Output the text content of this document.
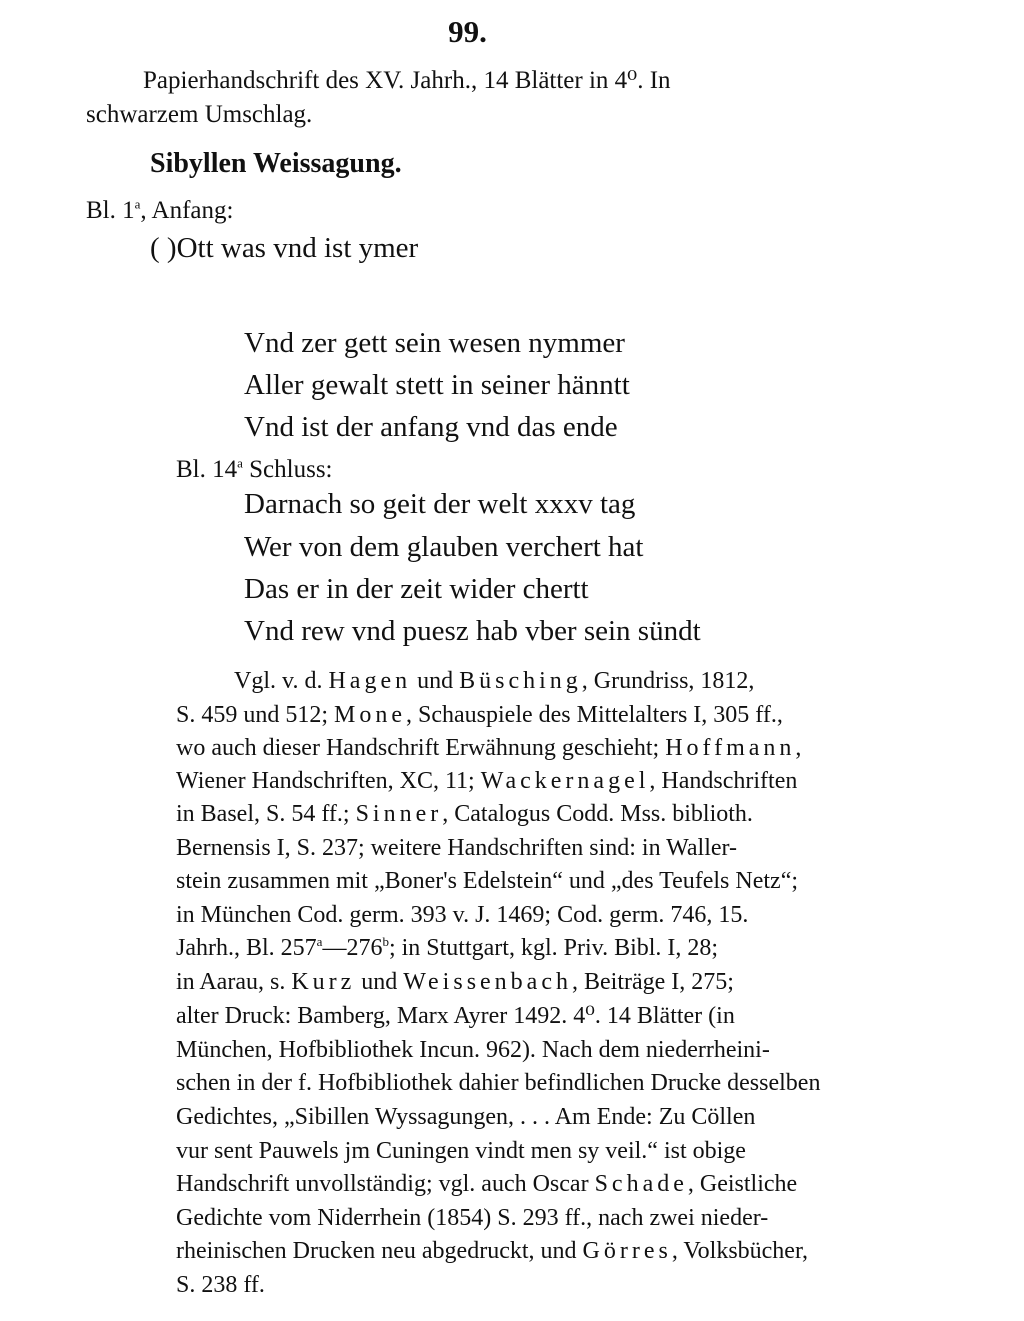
99.
Papierhandschrift des XV. Jahrh., 14 Blätter in 4⁰. In
schwarzem Umschlag.
Sibyllen Weissagung.
Bl. 1$^a$, Anfang:
( )Ott was vnd ist ymer
Vnd zer gett sein wesen nymmer
Aller gewalt stett in seiner hänntt
Vnd ist der anfang vnd das ende
Bl. 14$^a$ Schluss:
Darnach so geit der welt xxxv tag
Wer von dem glauben verchert hat
Das er in der zeit wider chertt
Vnd rew vnd puesz hab vber sein sündt
Vgl. v. d. Hagen und Büsching, Grundriss, 1812,
S. 459 und 512; Mone, Schauspiele des Mittelalters I, 305 ff.,
wo auch dieser Handschrift Erwähnung geschieht; Hoffmann,
Wiener Handschriften, XC, 11; Wackernagel, Handschriften
in Basel, S. 54 ff.; Sinner, Catalogus Codd. Mss. biblioth.
Bernensis I, S. 237; weitere Handschriften sind: in Waller-
stein zusammen mit „Boner's Edelstein“ und „des Teufels Netz“;
in München Cod. germ. 393 v. J. 1469; Cod. germ. 746, 15.
Jahrh., Bl. 257$^a$—276$^b$; in Stuttgart, kgl. Priv. Bibl. I, 28;
in Aarau, s. Kurz und Weissenbach, Beiträge I, 275;
alter Druck: Bamberg, Marx Ayrer 1492. 4⁰. 14 Blätter (in
München, Hofbibliothek Incun. 962). Nach dem niederrheini-
schen in der f. Hofbibliothek dahier befindlichen Drucke desselben
Gedichtes, „Sibillen Wyssagungen, . . . Am Ende: Zu Cöllen
vur sent Pauwels jm Cuningen vindt men sy veil.“ ist obige
Handschrift unvollständig; vgl. auch Oscar Schade, Geistliche
Gedichte vom Niderrhein (1854) S. 293 ff., nach zwei nieder-
rheinischen Drucken neu abgedruckt, und Görres, Volksbücher,
S. 238 ff.
